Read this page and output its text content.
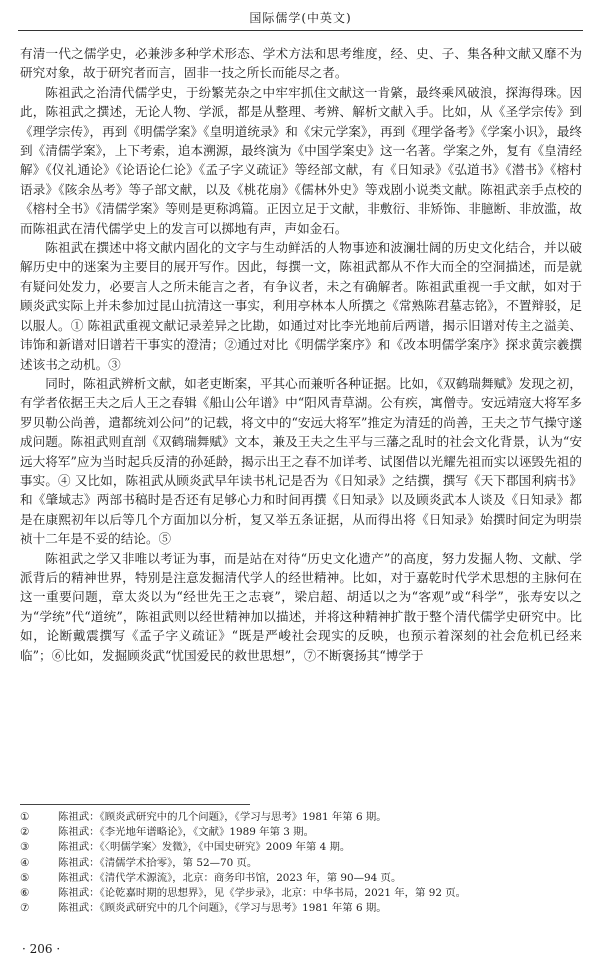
国际儒学(中英文)

有清一代之儒学史，必兼涉多种学术形态、学术方法和思考维度，经、史、子、集各种文献又靡不为研究对象，故于研究者而言，固非一技之所长而能尽之者。

陈祖武之治清代儒学史，于纷繁芜杂之中牢牢抓住文献这一肯綮，最终乘风破浪，探海得珠。因此，陈祖武之撰述，无论人物、学派，都是从整理、考辨、解析文献入手。比如，从《圣学宗传》到《理学宗传》，再到《明儒学案》《皇明道统录》和《宋元学案》，再到《理学备考》《学案小识》，最终到《清儒学案》，上下考索，追本溯源，最终演为《中国学案史》这一名著。学案之外，复有《皇清经解》《仪礼通论》《论语论仁论》《孟子字义疏证》等经部文献，有《日知录》《弘道书》《潜书》《榕村语录》《陔余丛考》等子部文献，以及《桃花扇》《儒林外史》等戏剧小说类文献。陈祖武亲手点校的《榕村全书》《清儒学案》等则是更称鸿篇。正因立足于文献，非敷衍、非矫饰、非臆断、非放滥，故而陈祖武在清代儒学史上的发言可以掷地有声，声如金石。

陈祖武在撰述中将文献内固化的文字与生动鲜活的人物事迹和波澜壮阔的历史文化结合，并以破解历史中的迷案为主要目的展开写作。因此，每撰一文，陈祖武都从不作大而全的空洞描述，而是就有疑问处发力，必要言人之所未能言之者，有争议者，未之有确解者。陈祖武重视一手文献，如对于顾炎武实际上并未参加过昆山抗清这一事实，利用亭林本人所撰之《常熟陈君墓志铭》，不置辩驳，足以服人。① 陈祖武重视文献记录差异之比勘，如通过对比李光地前后两谱，揭示旧谱对传主之溢美、讳饰和新谱对旧谱若干事实的澄清；②通过对比《明儒学案序》和《改本明儒学案序》探求黄宗羲撰述该书之动机。③

同时，陈祖武辨析文献，如老吏断案，平其心而兼听各种证据。比如，《双鹤瑞舞赋》发现之初，有学者依据王夫之后人王之春辑《船山公年谱》中“阳风青草湖。公有疾，寓僧寺。安远靖寇大将军多罗贝勒公尚善，遣都统刘公问”的记载，将文中的“安远大将军”推定为清廷的尚善，王夫之节气操守遂成问题。陈祖武则直剖《双鹤瑞舞赋》文本，兼及王夫之生平与三藩之乱时的社会文化背景，认为“安远大将军”应为当时起兵反清的孙延龄，揭示出王之春不加详考、试图借以光耀先祖而实以诬毁先祖的事实。④ 又比如，陈祖武从顾炎武早年读书札记是否为《日知录》之结撰，撰写《天下郡国利病书》和《肇域志》两部书稿时是否还有足够心力和时间再撰《日知录》以及顾炎武本人谈及《日知录》都是在康熙初年以后等几个方面加以分析，复又举五条证据，从而得出将《日知录》始撰时间定为明崇祯十二年是不妥的结论。⑤

陈祖武之学又非唯以考证为事，而是站在对待“历史文化遗产”的高度，努力发掘人物、文献、学派背后的精神世界，特别是注意发掘清代学人的经世精神。比如，对于嘉乾时代学术思想的主脉何在这一重要问题，章太炎以为“经世先王之志衰”，梁启超、胡适以之为“客观”或“科学”，张寿安以之为“学统”代“道统”，陈祖武则以经世精神加以描述，并将这种精神扩散于整个清代儒学史研究中。比如，论断戴震撰写《孟子字义疏证》“既是严峻社会现实的反映，也预示着深刻的社会危机已经来临”；⑥比如，发掘顾炎武“忧国爱民的救世思想”，⑦不断褒扬其“博学于

①	陈祖武：《顾炎武研究中的几个问题》，《学习与思考》1981 年第 6 期。
②	陈祖武：《李光地年谱略论》，《文献》1989 年第 3 期。
③	陈祖武：《〈明儒学案〉发微》，《中国史研究》2009 年第 4 期。
④	陈祖武：《清儒学术拾零》，第 52—70 页。
⑤	陈祖武：《清代学术源流》，北京：商务印书馆，2023 年，第 90—94 页。
⑥	陈祖武：《论乾嘉时期的思想界》，见《学步录》，北京：中华书局，2021 年，第 92 页。
⑦	陈祖武：《顾炎武研究中的几个问题》，《学习与思考》1981 年第 6 期。
· 206 ·
